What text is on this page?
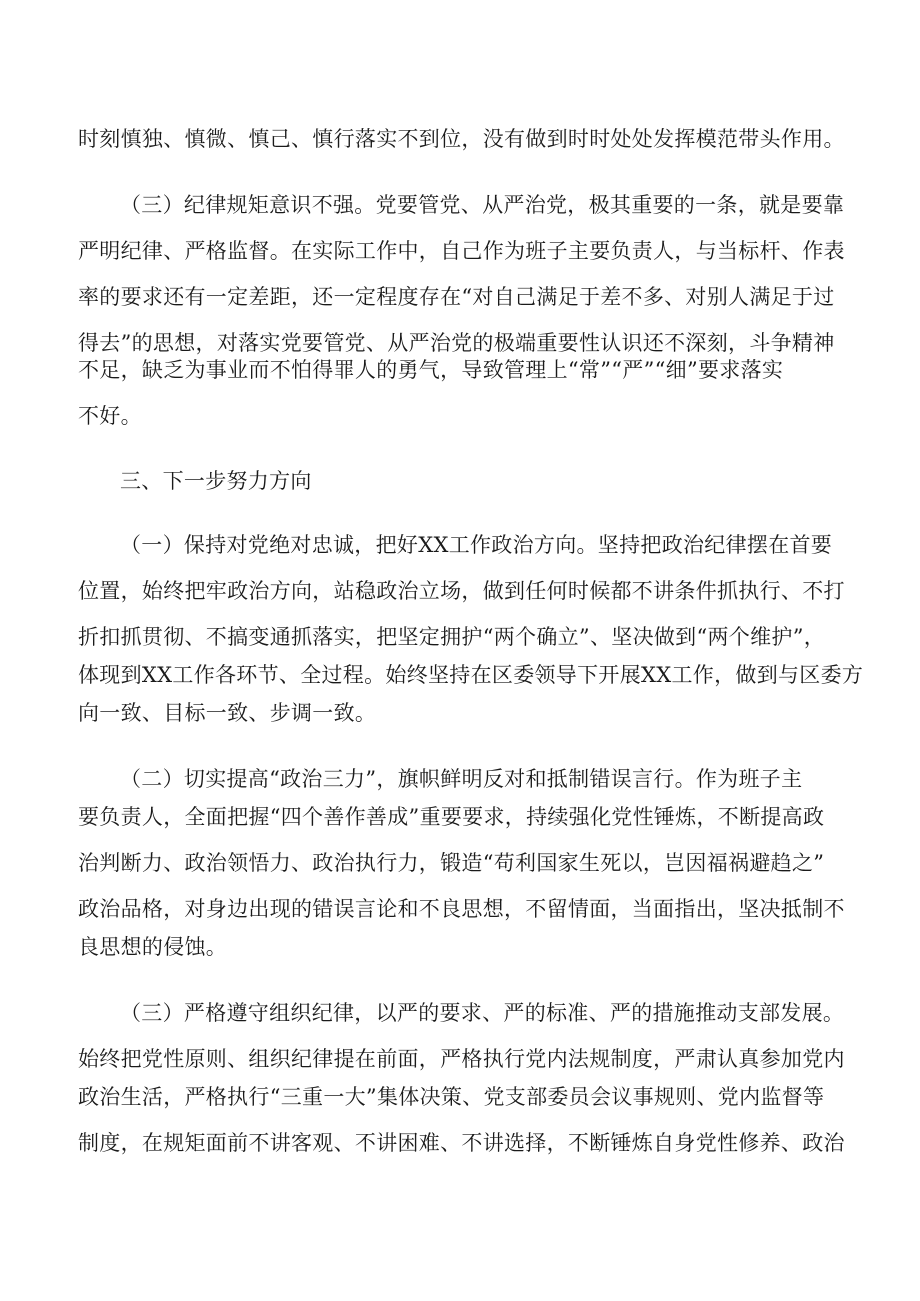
时刻慎独、慎微、慎己、慎行落实不到位，没有做到时时处处发挥模范带头作用。
（三）纪律规矩意识不强。党要管党、从严治党，极其重要的一条，就是要靠
严明纪律、严格监督。在实际工作中，自己作为班子主要负责人，与当标杆、作表
率的要求还有一定差距，还一定程度存在“对自己满足于差不多、对别人满足于过
得去”的思想，对落实党要管党、从严治党的极端重要性认识还不深刻，斗争精神
不足，缺乏为事业而不怕得罪人的勇气，导致管理上“常”“严”“细”要求落实
不好。
三、下一步努力方向
（一）保持对党绝对忠诚，把好XX工作政治方向。坚持把政治纪律摆在首要
位置，始终把牢政治方向，站稳政治立场，做到任何时候都不讲条件抓执行、不打
折扣抓贯彻、不搞变通抓落实，把坚定拥护“两个确立”、坚决做到“两个维护”，
体现到XX工作各环节、全过程。始终坚持在区委领导下开展XX工作，做到与区委方
向一致、目标一致、步调一致。
（二）切实提高“政治三力”，旗帜鲜明反对和抵制错误言行。作为班子主
要负责人，全面把握“四个善作善成”重要要求，持续强化党性锤炼，不断提高政
治判断力、政治领悟力、政治执行力，锻造“苟利国家生死以，岂因福祸避趋之”
政治品格，对身边出现的错误言论和不良思想，不留情面，当面指出，坚决抵制不
良思想的侵蚀。
（三）严格遵守组织纪律，以严的要求、严的标准、严的措施推动支部发展。
始终把党性原则、组织纪律提在前面，严格执行党内法规制度，严肃认真参加党内
政治生活，严格执行“三重一大”集体决策、党支部委员会议事规则、党内监督等
制度，在规矩面前不讲客观、不讲困难、不讲选择，不断锤炼自身党性修养、政治
